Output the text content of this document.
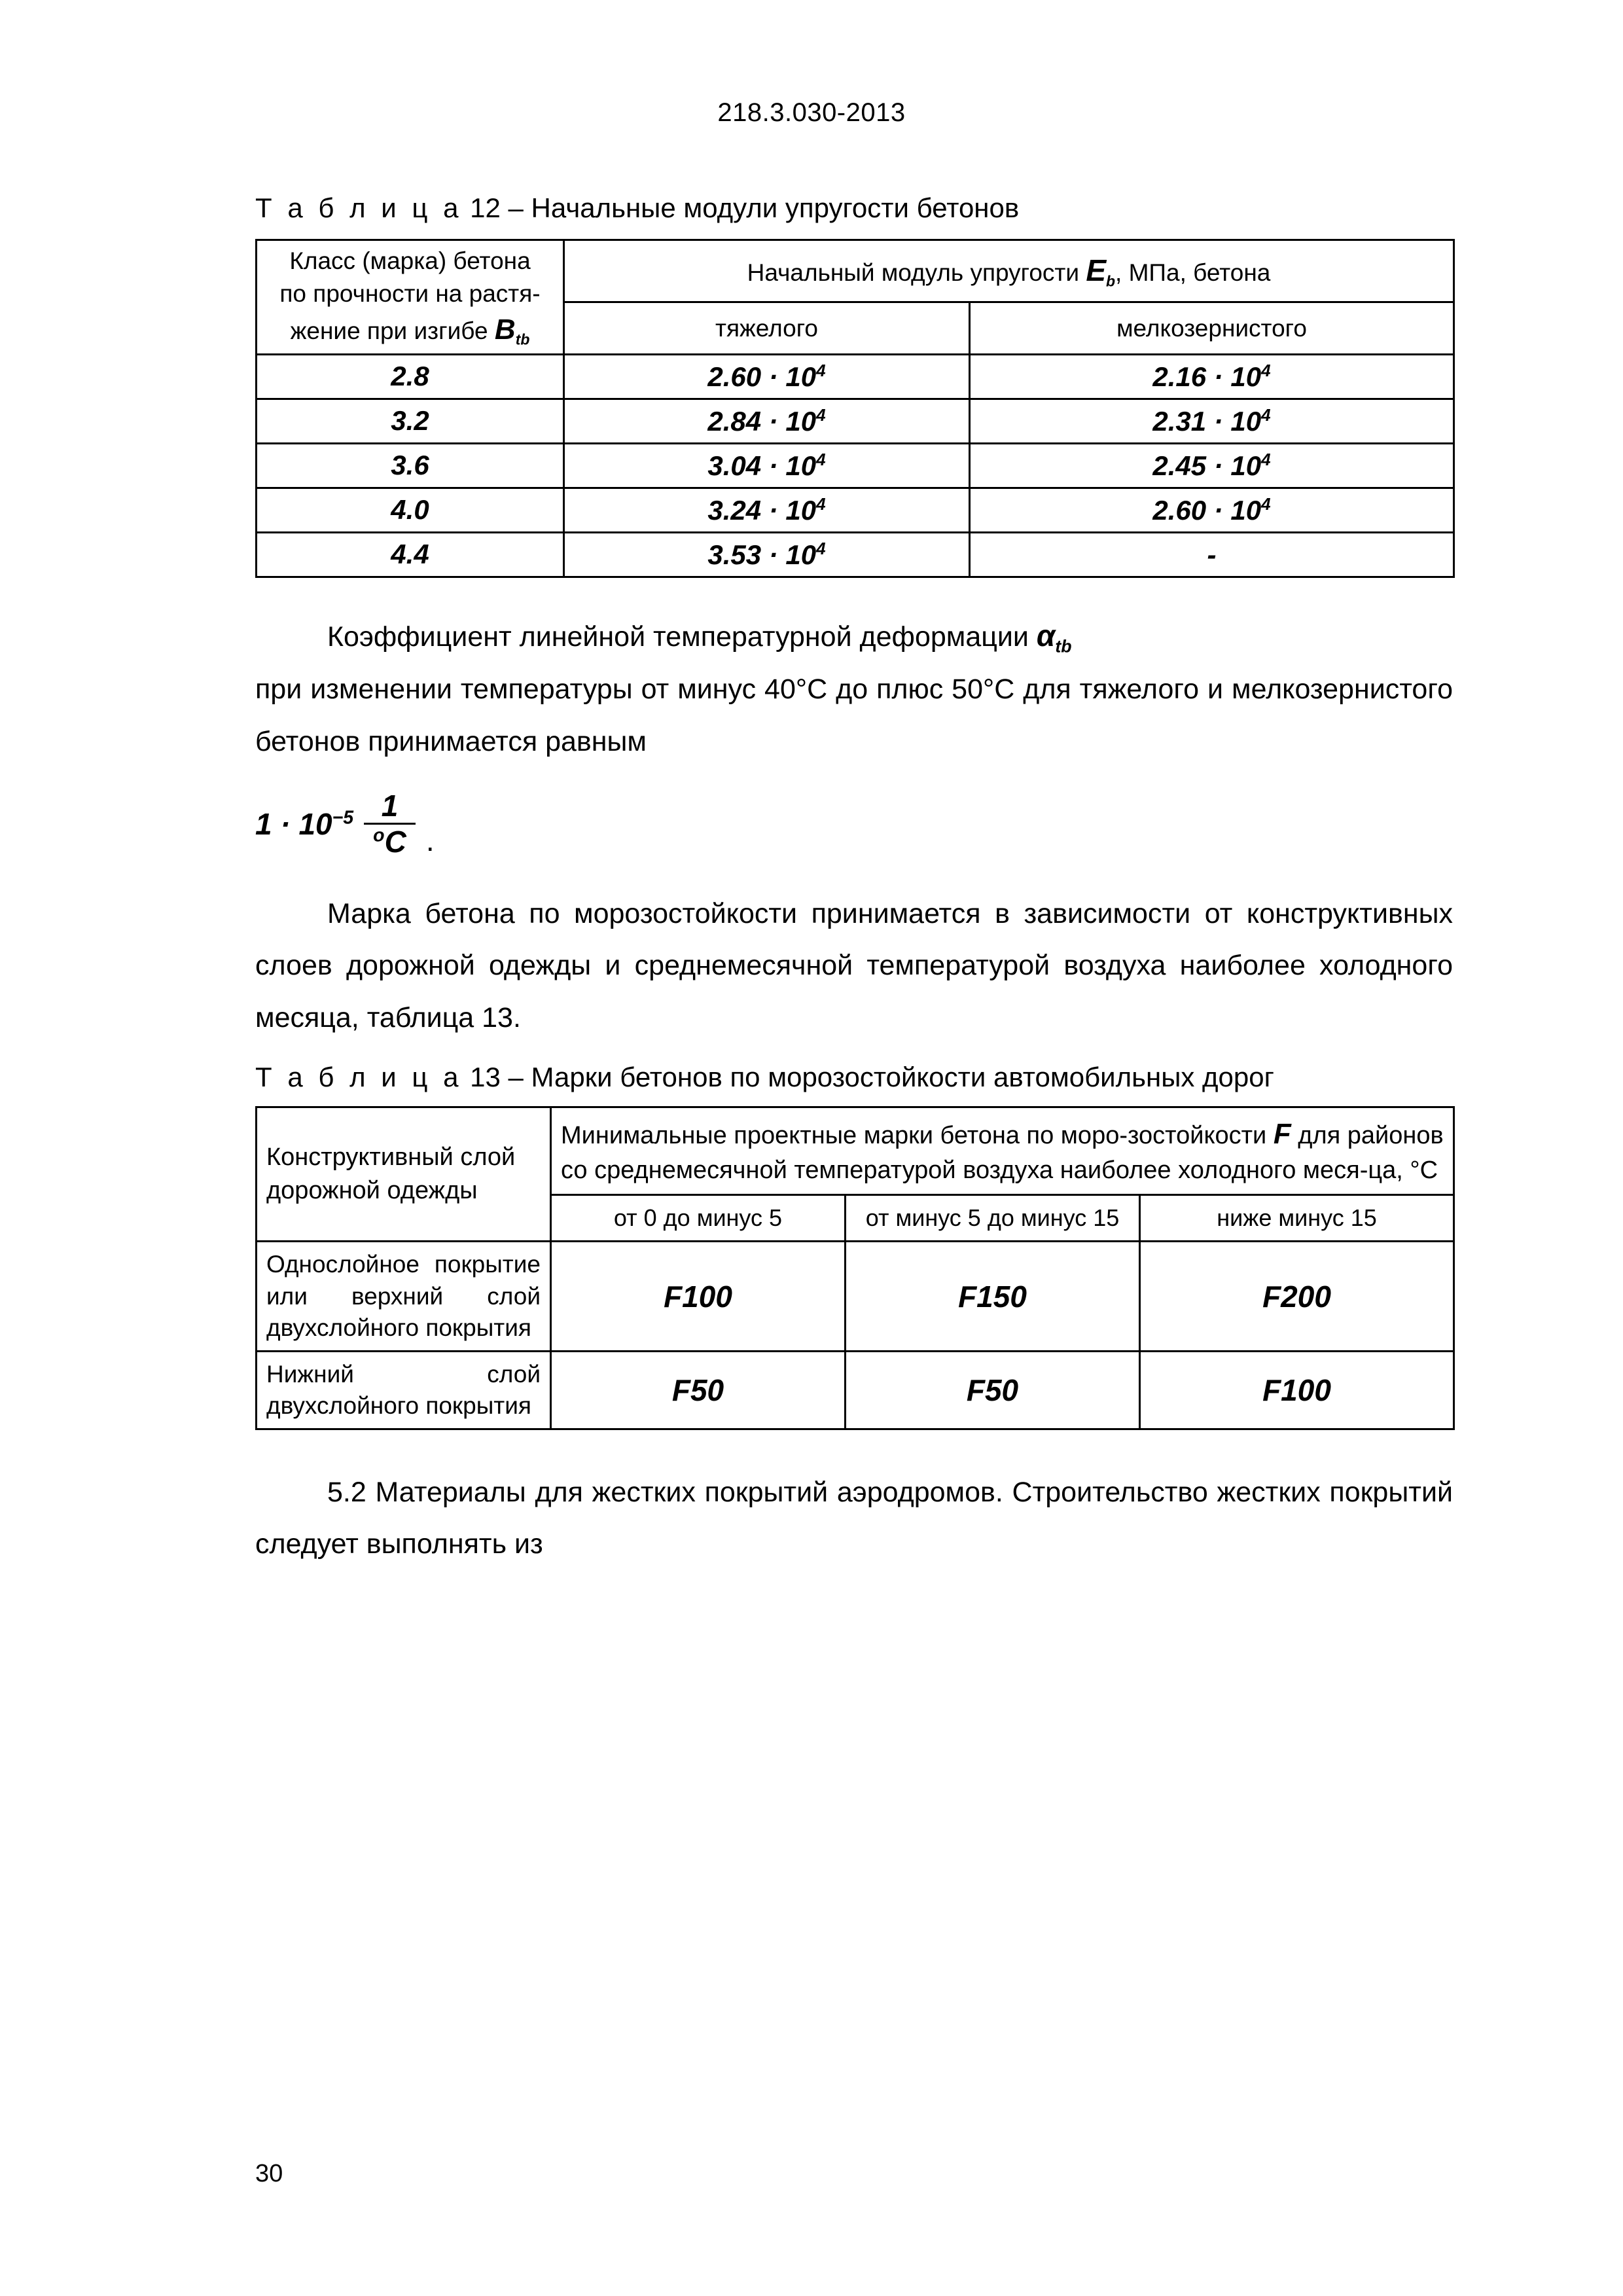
218.3.030-2013
Т а б л и ц а 12 – Начальные модули упругости бетонов
Класс (марка) бетона
по прочности на растя-
жение при изгибе $B_{tb}$	Начальный модуль упругости $E_b$, МПа, бетона	
	тяжелого	мелкозернистого
2.8	$2.60 \cdot 10^4$	$2.16 \cdot 10^4$
3.2	$2.84 \cdot 10^4$	$2.31 \cdot 10^4$
3.6	$3.04 \cdot 10^4$	$2.45 \cdot 10^4$
4.0	$3.24 \cdot 10^4$	$2.60 \cdot 10^4$
4.4	$3.53 \cdot 10^4$	-

Коэффициент линейной температурной деформации $\alpha_{tb}$

при изменении температуры от минус 40°С до плюс 50°С для тяжелого и мелкозернистого бетонов принимается равным

$1 \cdot 10^{-5} \frac{1}{^oС}$ .

Марка бетона по морозостойкости принимается в зависимости от конструктивных слоев дорожной одежды и среднемесячной температурой воздуха наиболее холодного месяца, таблица 13.

Т а б л и ц а 13 – Марки бетонов по морозостойкости автомобильных дорог
Конструктивный слой
дорожной одежды	Минимальные проектные марки бетона по моро-зостойкости F для районов со среднемесячной температурой воздуха наиболее холодного меся-ца, °С		
	от 0 до минус 5	от минус 5 до минус 15	ниже минус 15
Однослойное покрытие или верхний слой двухслойного покрытия	F100	F150	F200
Нижний слой двухслойного покрытия	F50	F50	F100

5.2 Материалы для жестких покрытий аэродромов. Строительство жестких покрытий следует выполнять из

30
